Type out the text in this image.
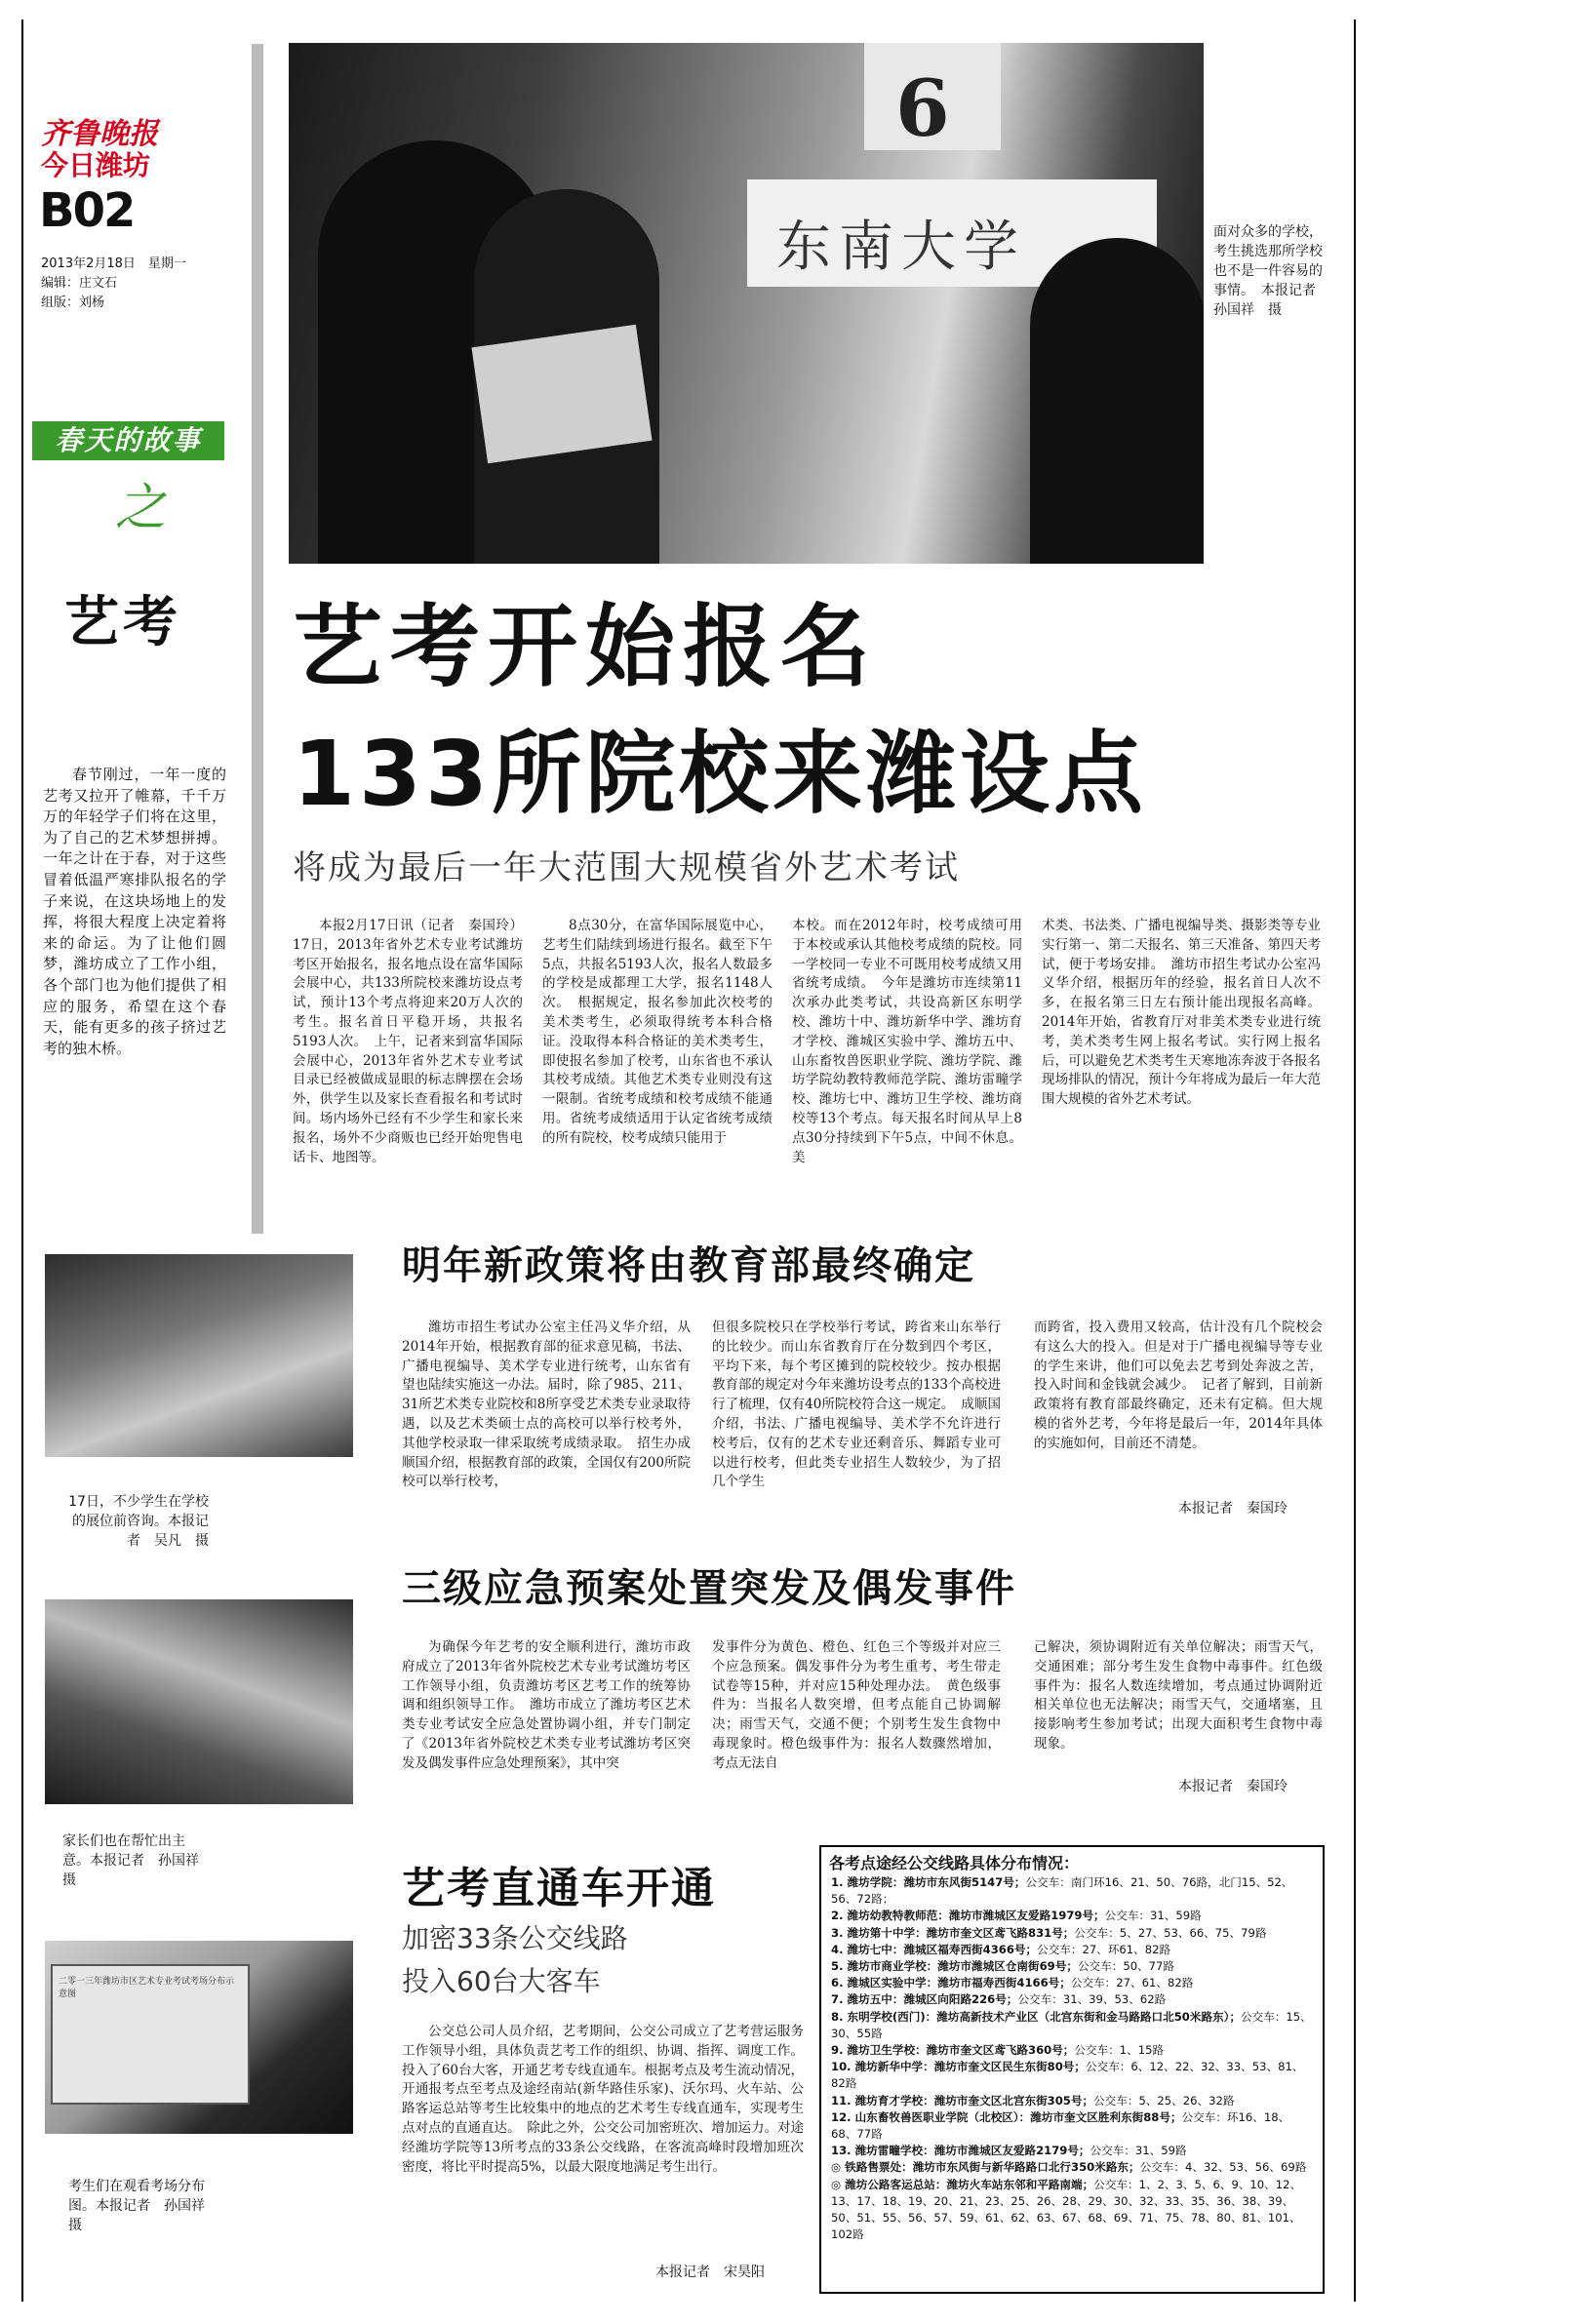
齐鲁晚报
今日潍坊
B02
2013年2月18日　星期一
编辑：庄文石
组版：刘杨
春天的故事
之
艺考
春节刚过，一年一度的艺考又拉开了帷幕，千千万万的年轻学子们将在这里，为了自己的艺术梦想拼搏。一年之计在于春，对于这些冒着低温严寒排队报名的学子来说，在这块场地上的发挥，将很大程度上决定着将来的命运。为了让他们圆梦，潍坊成立了工作小组，各个部门也为他们提供了相应的服务，希望在这个春天，能有更多的孩子挤过艺考的独木桥。
6
东南大学	面对众多的学校，考生挑选那所学校也不是一件容易的事情。　本报记者　孙国祥　摄
艺考开始报名
133所院校来潍设点
将成为最后一年大范围大规模省外艺术考试
本报2月17日讯（记者　秦国玲）17日，2013年省外艺术专业考试潍坊考区开始报名，报名地点设在富华国际会展中心，共133所院校来潍坊设点考试，预计13个考点将迎来20万人次的考生。报名首日平稳开场，共报名5193人次。　上午，记者来到富华国际会展中心，2013年省外艺术专业考试目录已经被做成显眼的标志牌摆在会场外，供学生以及家长查看报名和考试时间。场内场外已经有不少学生和家长来报名，场外不少商贩也已经开始兜售电话卡、地图等。
8点30分，在富华国际展览中心，艺考生们陆续到场进行报名。截至下午5点，共报名5193人次，报名人数最多的学校是成都理工大学，报名1148人次。　根据规定，报名参加此次校考的美术类考生，必须取得统考本科合格证。没取得本科合格证的美术类考生，即使报名参加了校考，山东省也不承认其校考成绩。其他艺术类专业则没有这一限制。省统考成绩和校考成绩不能通用。省统考成绩适用于认定省统考成绩的所有院校，校考成绩只能用于
本校。而在2012年时，校考成绩可用于本校或承认其他校考成绩的院校。同一学校同一专业不可既用校考成绩又用省统考成绩。　今年是潍坊市连续第11次承办此类考试，共设高新区东明学校、潍坊十中、潍坊新华中学、潍坊育才学校、潍城区实验中学、潍坊五中、山东畜牧兽医职业学院、潍坊学院、潍坊学院幼教特教师范学院、潍坊雷疃学校、潍坊七中、潍坊卫生学校、潍坊商校等13个考点。每天报名时间从早上8点30分持续到下午5点，中间不休息。美
术类、书法类、广播电视编导类、摄影类等专业实行第一、第二天报名、第三天准备、第四天考试，便于考场安排。　潍坊市招生考试办公室冯义华介绍，根据历年的经验，报名首日人次不多，在报名第三日左右预计能出现报名高峰。2014年开始，省教育厅对非美术类专业进行统考，美术类考生网上报名考试。实行网上报名后，可以避免艺术类考生天寒地冻奔波于各报名现场排队的情况，预计今年将成为最后一年大范围大规模的省外艺术考试。
17日，不少学生在学校的展位前咨询。本报记者　吴凡　摄
家长们也在帮忙出主意。本报记者　孙国祥　摄
二零一三年潍坊市区艺术专业考试考场分布示意图
考生们在观看考场分布图。本报记者　孙国祥　摄
明年新政策将由教育部最终确定
潍坊市招生考试办公室主任冯义华介绍，从2014年开始，根据教育部的征求意见稿，书法、广播电视编导、美术学专业进行统考，山东省有望也陆续实施这一办法。届时，除了985、211、31所艺术类专业院校和8所享受艺术类专业录取待遇，以及艺术类硕士点的高校可以举行校考外，其他学校录取一律采取统考成绩录取。　招生办成顺国介绍，根据教育部的政策，全国仅有200所院校可以举行校考，
但很多院校只在学校举行考试，跨省来山东举行的比较少。而山东省教育厅在分数到四个考区，平均下来，每个考区摊到的院校较少。按办根据教育部的规定对今年来潍坊设考点的133个高校进行了梳理，仅有40所院校符合这一规定。　成顺国介绍，书法、广播电视编导、美术学不允许进行校考后，仅有的艺术专业还剩音乐、舞蹈专业可以进行校考，但此类专业招生人数较少，为了招几个学生
而跨省，投入费用又较高，估计没有几个院校会有这么大的投入。但是对于广播电视编导等专业的学生来讲，他们可以免去艺考到处奔波之苦，投入时间和金钱就会减少。　记者了解到，目前新政策将有教育部最终确定，还未有定稿。但大规模的省外艺考，今年将是最后一年，2014年具体的实施如何，目前还不清楚。
本报记者　秦国玲
三级应急预案处置突发及偶发事件
为确保今年艺考的安全顺利进行，潍坊市政府成立了2013年省外院校艺术专业考试潍坊考区工作领导小组，负责潍坊考区艺考工作的统筹协调和组织领导工作。　潍坊市成立了潍坊考区艺术类专业考试安全应急处置协调小组，并专门制定了《2013年省外院校艺术类专业考试潍坊考区突发及偶发事件应急处理预案》，其中突
发事件分为黄色、橙色、红色三个等级并对应三个应急预案。偶发事件分为考生重考、考生带走试卷等15种，并对应15种处理办法。　黄色级事件为：当报名人数突增，但考点能自己协调解决；雨雪天气，交通不便；个别考生发生食物中毒现象时。橙色级事件为：报名人数骤然增加，考点无法自
己解决，须协调附近有关单位解决；雨雪天气，交通困难；部分考生发生食物中毒事件。红色级事件为：报名人数连续增加，考点通过协调附近相关单位也无法解决；雨雪天气，交通堵塞，且接影响考生参加考试；出现大面积考生食物中毒现象。
本报记者　秦国玲
艺考直通车开通
加密33条公交线路
投入60台大客车
公交总公司人员介绍，艺考期间，公交公司成立了艺考营运服务工作领导小组，具体负责艺考工作的组织、协调、指挥、调度工作。投入了60台大客，开通艺考专线直通车。根据考点及考生流动情况，开通报考点至考点及途经南站(新华路佳乐家)、沃尔玛、火车站、公路客运总站等考生比较集中的地点的艺术考生专线直通车，实现考生点对点的直通直达。　除此之外，公交公司加密班次、增加运力。对途经潍坊学院等13所考点的33条公交线路，在客流高峰时段增加班次密度，将比平时提高5%，以最大限度地满足考生出行。
本报记者　宋昊阳
各考点途经公交线路具体分布情况：
1. 潍坊学院：潍坊市东风街5147号；公交车：南门环16、21、50、76路，北门15、52、56、72路；
2. 潍坊幼教特教师范：潍坊市潍城区友爱路1979号；公交车：31、59路
3. 潍坊第十中学：潍坊市奎文区鸢飞路831号；公交车：5、27、53、66、75、79路
4. 潍坊七中：潍城区福寿西街4366号；公交车：27、环61、82路
5. 潍坊市商业学校：潍坊市潍城区仓南街69号；公交车：50、77路
6. 潍城区实验中学：潍坊市福寿西街4166号；公交车：27、61、82路
7. 潍坊五中：潍城区向阳路226号；公交车：31、39、53、62路
8. 东明学校(西门)：潍坊高新技术产业区（北宫东街和金马路路口北50米路东）；公交车：15、30、55路
9. 潍坊卫生学校：潍坊市奎文区鸢飞路360号；公交车：1、15路
10. 潍坊新华中学：潍坊市奎文区民生东街80号；公交车：6、12、22、32、33、53、81、82路
11. 潍坊育才学校：潍坊市奎文区北宫东街305号；公交车：5、25、26、32路
12. 山东畜牧兽医职业学院（北校区）：潍坊市奎文区胜利东街88号；公交车：环16、18、68、77路
13. 潍坊雷疃学校：潍坊市潍城区友爱路2179号；公交车：31、59路
◎ 铁路售票处：潍坊市东风街与新华路路口北行350米路东；公交车：4、32、53、56、69路
◎ 潍坊公路客运总站：潍坊火车站东邻和平路南端；公交车：1、2、3、5、6、9、10、12、13、17、18、19、20、21、23、25、26、28、29、30、32、33、35、36、38、39、50、51、55、56、57、59、61、62、63、67、68、69、71、75、78、80、81、101、102路
